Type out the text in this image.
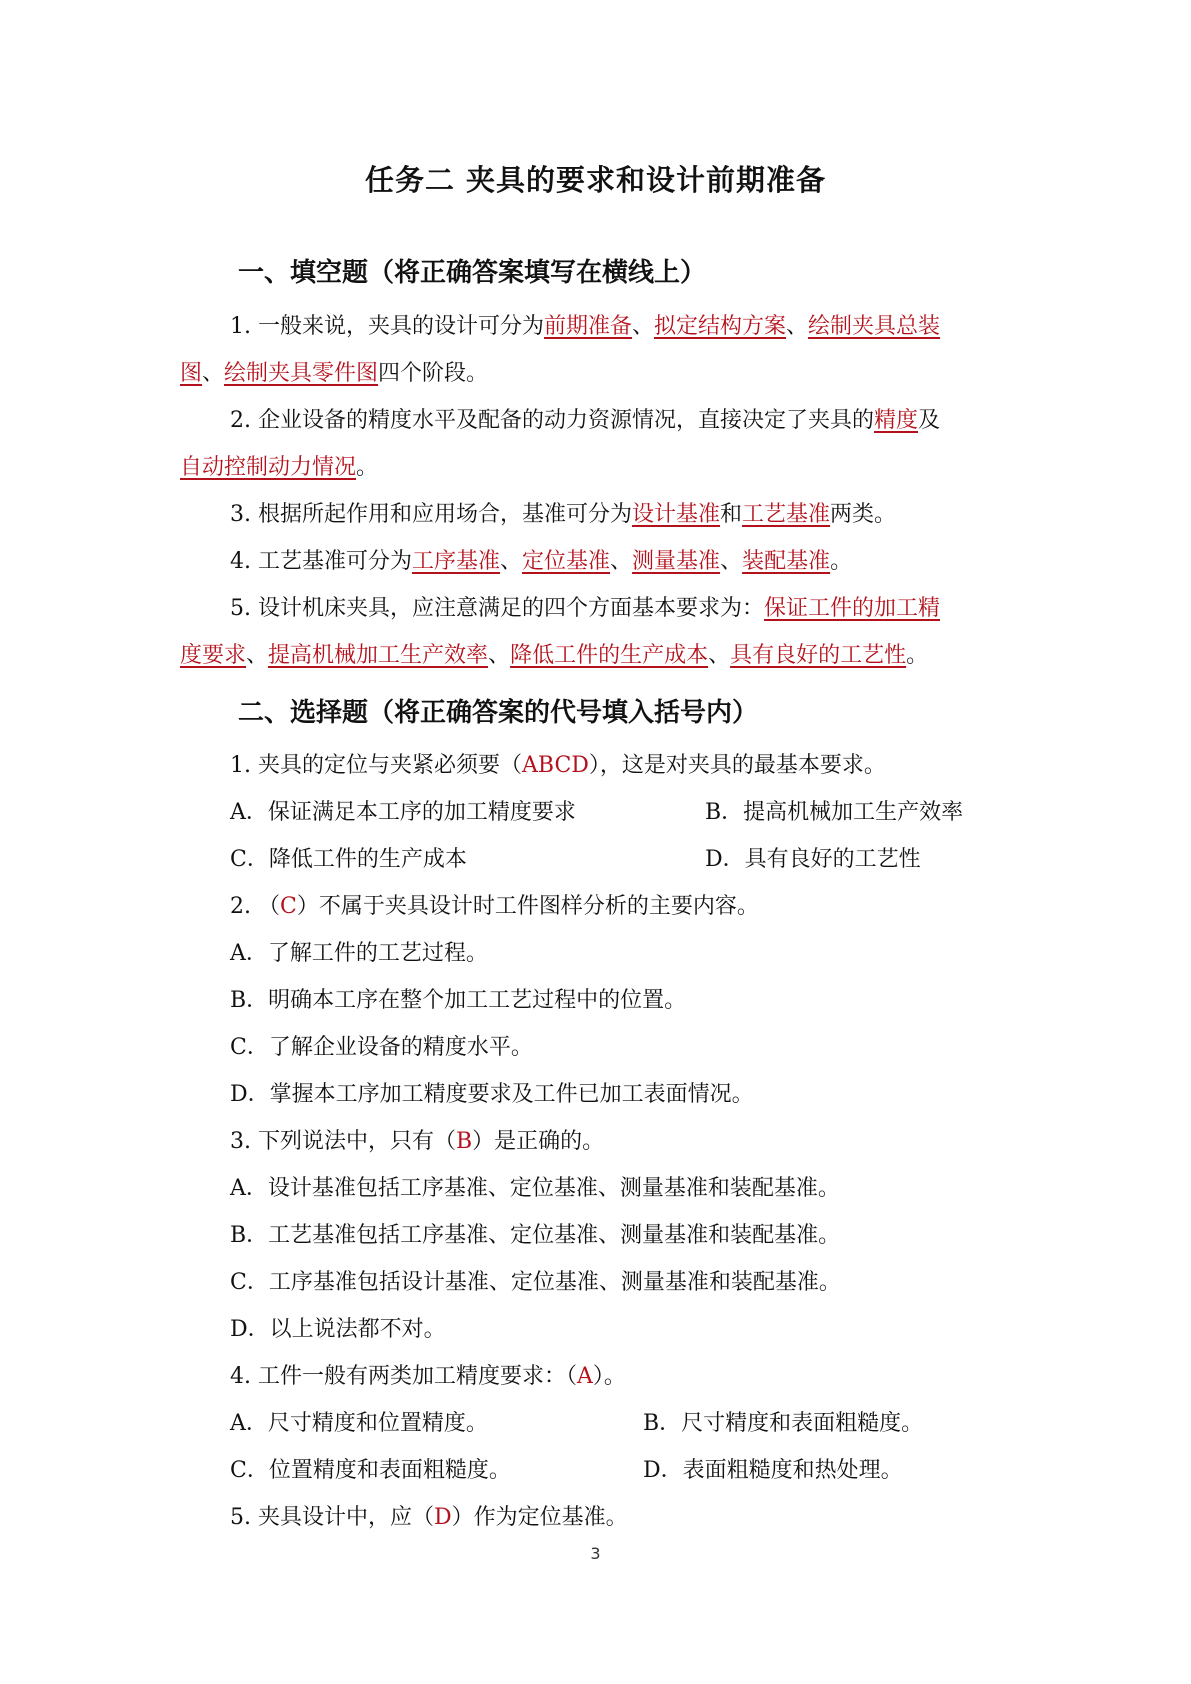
任务二 夹具的要求和设计前期准备
一、填空题（将正确答案填写在横线上）
1. 一般来说，夹具的设计可分为前期准备、拟定结构方案、绘制夹具总装
图、绘制夹具零件图四个阶段。
2. 企业设备的精度水平及配备的动力资源情况，直接决定了夹具的精度及
自动控制动力情况。
3. 根据所起作用和应用场合，基准可分为设计基准和工艺基准两类。
4. 工艺基准可分为工序基准、定位基准、测量基准、装配基准。
5. 设计机床夹具，应注意满足的四个方面基本要求为：保证工件的加工精
度要求、提高机械加工生产效率、降低工件的生产成本、具有良好的工艺性。
二、选择题（将正确答案的代号填入括号内）
1. 夹具的定位与夹紧必须要（ABCD），这是对夹具的最基本要求。
A．保证满足本工序的加工精度要求	B．提高机械加工生产效率
C．降低工件的生产成本	D．具有良好的工艺性
2. （C）不属于夹具设计时工件图样分析的主要内容。
A．了解工件的工艺过程。
B．明确本工序在整个加工工艺过程中的位置。
C．了解企业设备的精度水平。
D．掌握本工序加工精度要求及工件已加工表面情况。
3. 下列说法中，只有（B）是正确的。
A．设计基准包括工序基准、定位基准、测量基准和装配基准。
B．工艺基准包括工序基准、定位基准、测量基准和装配基准。
C．工序基准包括设计基准、定位基准、测量基准和装配基准。
D．以上说法都不对。
4. 工件一般有两类加工精度要求：（A）。
A．尺寸精度和位置精度。	B．尺寸精度和表面粗糙度。
C．位置精度和表面粗糙度。	D．表面粗糙度和热处理。
5. 夹具设计中，应（D）作为定位基准。
3
